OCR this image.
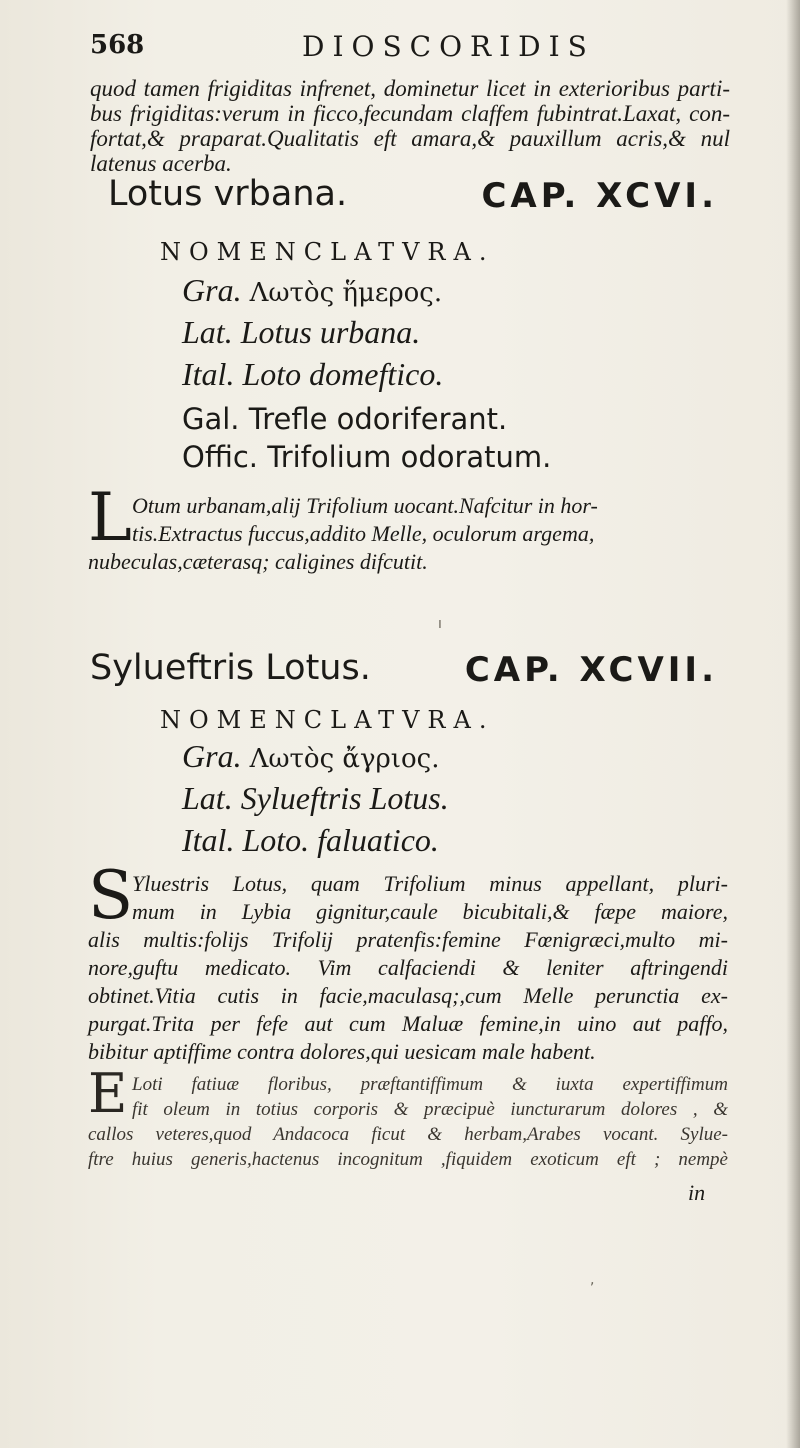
568	DIOSCORIDIS
quod tamen frigiditas infrenet, dominetur licet in exterioribus parti-
bus frigiditas:verum in ficco,fecundam claffem fubintrat.Laxat, con-
fortat,& praparat.Qualitatis eft amara,& pauxillum acris,& nul
latenus acerba.
Lotus vrbana.	CAP. XCVI.
NOMENCLATVRA.
Gra. Λωτὸς ἥμερος.
Lat. Lotus urbana.
Ital. Loto domeftico.
Gal. Trefle odoriferant.
Offic. Trifolium odoratum.
L Otum urbanam,alij Trifolium uocant.Nafcitur in hor-
tis.Extractus fuccus,addito Melle, oculorum argema,
nubeculas,cæterasq; caligines difcutit.
Sylueftris Lotus.	CAP. XCVII.
NOMENCLATVRA.
Gra. Λωτὸς ἄγριος.
Lat. Sylueftris Lotus.
Ital. Loto. faluatico.
S
Yluestris Lotus, quam Trifolium minus appellant, pluri-
mum in Lybia gignitur,caule bicubitali,& fæpe maiore,
alis multis:folijs Trifolij pratenfis:femine Fœnigræci,multo mi-
nore,guftu medicato. Vim calfaciendi & leniter aftringendi
obtinet.Vitia cutis in facie,maculasq;,cum Melle perunctia ex-
purgat.Trita per fefe aut cum Maluæ femine,in uino aut paffo,
bibitur aptiffime contra dolores,qui uesicam male habent.
E Loti fatiuæ floribus, præftantiffimum & iuxta expertiffimum
fit oleum in totius corporis & præcipuè iuncturarum dolores , &
callos veteres,quod Andacoca ficut & herbam,Arabes vocant. Sylue-
ftre huius generis,hactenus incognitum ,fiquidem exoticum eft ; nempè
in
ı
,
